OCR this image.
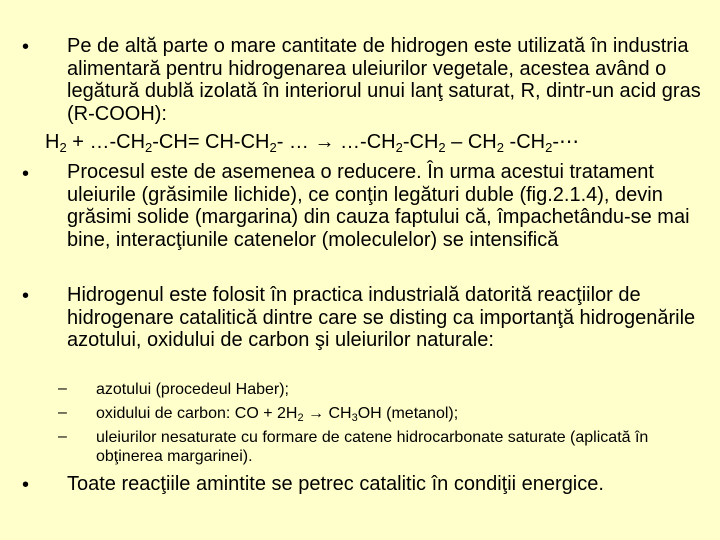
• Pe de altă parte o mare cantitate de hidrogen este utilizată în industria alimentară pentru hidrogenarea uleiurilor vegetale, acestea având o legătură dublă izolată în interiorul unui lanţ saturat, R, dintr-un acid gras (R-COOH):
$H_2$ + $\dots-CH_2-CH= CH-CH_2-$ … → $\dots-CH_2-CH_2 - CH_2$ $-CH_2-\cdots$
• Procesul este de asemenea o reducere. În urma acestui tratament uleiurile (grăsimile lichide), ce conţin legături duble (fig.2.1.4), devin grăsimi solide (margarina) din cauza faptului că, împachetându-se mai bine, interacţiunile catenelor (moleculelor) se intensifică
• Hidrogenul este folosit în practica industrială datorită reacţiilor de hidrogenare catalitică dintre care se disting ca importanţă hidrogenările azotului, oxidului de carbon şi uleiurilor naturale:
– azotului (procedeul Haber);
– oxidului de carbon: CO + $2H_2 \to CH_3OH$ (metanol);
– uleiurilor nesaturate cu formare de catene hidrocarbonate saturate (aplicată în obţinerea margarinei).
• Toate reacţiile amintite se petrec catalitic în condiţii energice.
